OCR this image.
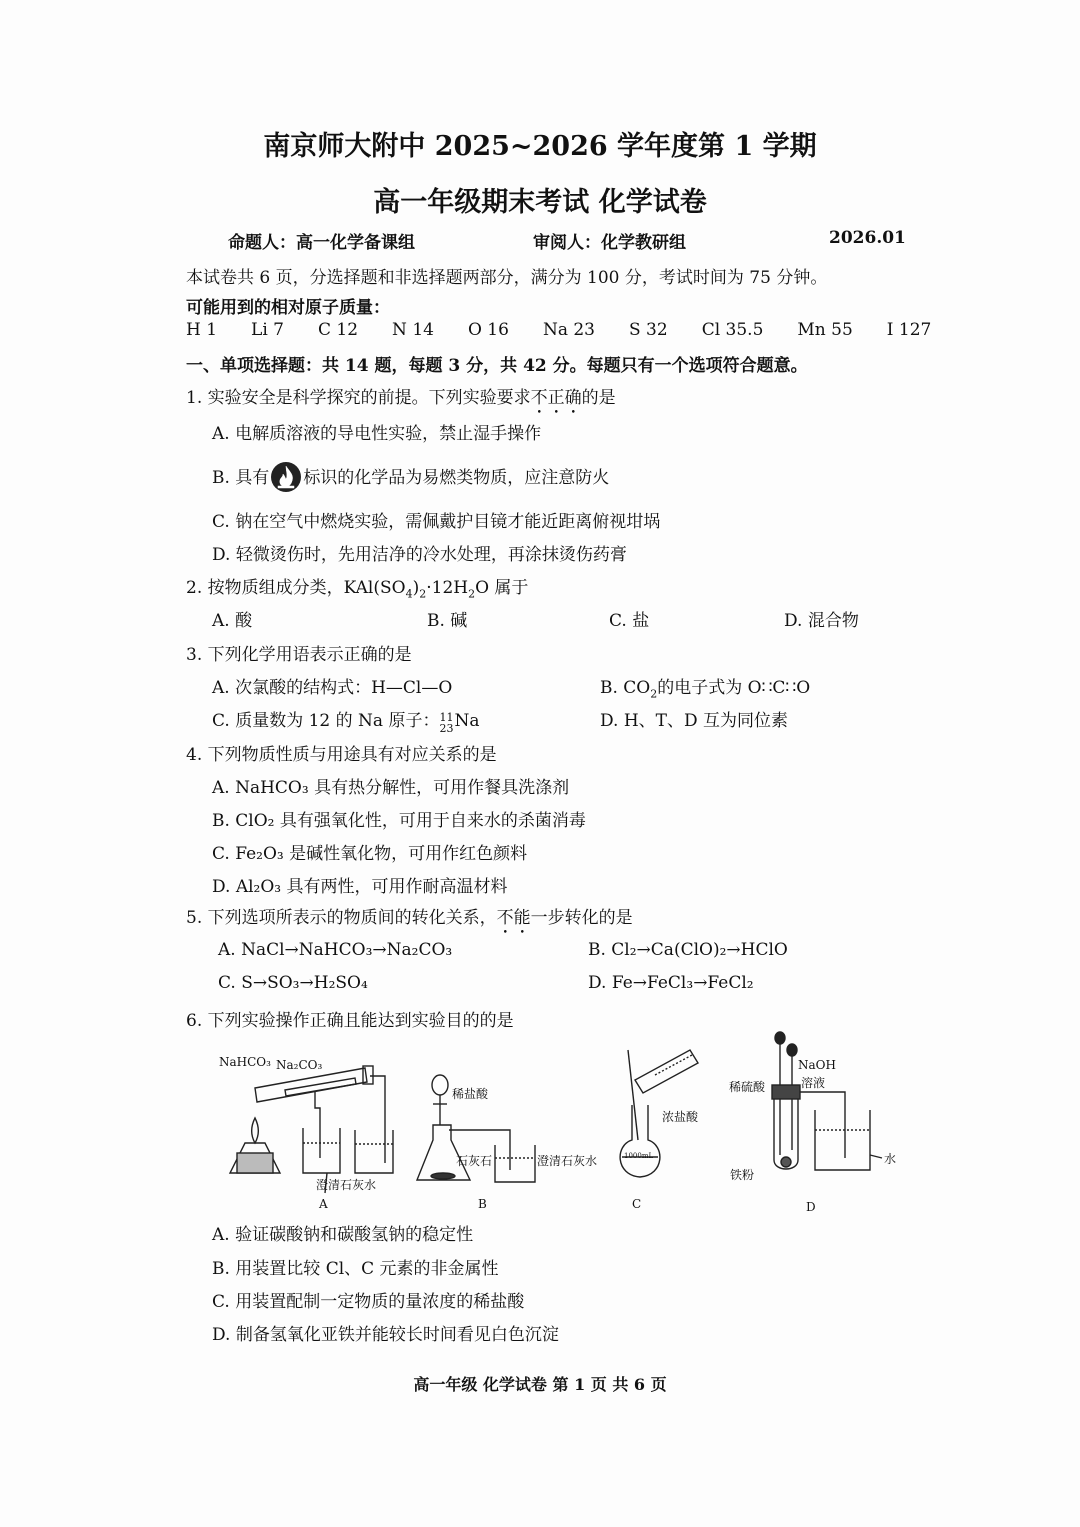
南京师大附中 2025~2026 学年度第 1 学期
高一年级期末考试 化学试卷
命题人：高一化学备课组	审阅人：化学教研组	2026.01
本试卷共 6 页，分选择题和非选择题两部分，满分为 100 分，考试时间为 75 分钟。
可能用到的相对原子质量：
H 1 Li 7 C 12 N 14 O 16 Na 23 S 32 Cl 35.5 Mn 55 I 127
一、单项选择题：共 14 题，每题 3 分，共 42 分。每题只有一个选项符合题意。
1. 实验安全是科学探究的前提。下列实验要求不正确的是
A. 电解质溶液的导电性实验，禁止湿手操作
B. 具有 标识的化学品为易燃类物质，应注意防火
C. 钠在空气中燃烧实验，需佩戴护目镜才能近距离俯视坩埚
D. 轻微烫伤时，先用洁净的冷水处理，再涂抹烫伤药膏
2. 按物质组成分类，$KAl(SO_4)_2\cdot 12H_2O$ 属于
A. 酸	B. 碱	C. 盐	D. 混合物
3. 下列化学用语表示正确的是
A. 次氯酸的结构式：H—Cl—O	B. $CO_2$的电子式为 O∷C∷O
C. 质量数为 12 的 Na 原子：11
23Na	D. H、T、D 互为同位素
4. 下列物质性质与用途具有对应关系的是
A. NaHCO₃ 具有热分解性，可用作餐具洗涤剂
B. ClO₂ 具有强氧化性，可用于自来水的杀菌消毒
C. Fe₂O₃ 是碱性氧化物，可用作红色颜料
D. Al₂O₃ 具有两性，可用作耐高温材料
5. 下列选项所表示的物质间的转化关系，不能一步转化的是
A. NaCl→NaHCO₃→Na₂CO₃	B. Cl₂→Ca(ClO)₂→HClO
C. S→SO₃→H₂SO₄	D. Fe→FeCl₃→FeCl₂
6. 下列实验操作正确且能达到实验目的的是
NaHCO₃ Na₂CO₃
澄清石灰水
A
稀盐酸
石灰石	澄清石灰水
B
浓盐酸
1000mL
C
NaOH
溶液
稀硫酸
铁粉
水
D
A. 验证碳酸钠和碳酸氢钠的稳定性
B. 用装置比较 Cl、C 元素的非金属性
C. 用装置配制一定物质的量浓度的稀盐酸
D. 制备氢氧化亚铁并能较长时间看见白色沉淀
高一年级 化学试卷 第 1 页 共 6 页
